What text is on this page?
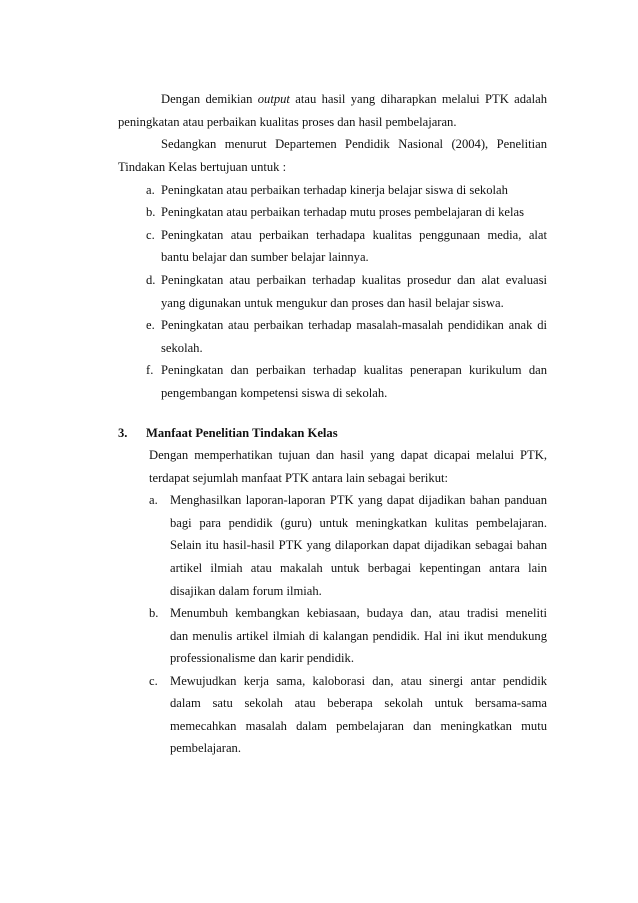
Dengan demikian output atau hasil yang diharapkan melalui PTK adalah
peningkatan atau perbaikan kualitas proses dan hasil pembelajaran.
Sedangkan menurut Departemen Pendidik Nasional (2004), Penelitian
Tindakan Kelas bertujuan untuk :
a. Peningkatan atau perbaikan terhadap kinerja belajar siswa di sekolah
b. Peningkatan atau perbaikan terhadap mutu proses pembelajaran di kelas
c. Peningkatan atau perbaikan terhadapa kualitas penggunaan media, alat
bantu belajar dan sumber belajar lainnya.
d. Peningkatan atau perbaikan terhadap kualitas prosedur dan alat evaluasi
yang digunakan untuk mengukur dan proses dan hasil belajar siswa.
e. Peningkatan atau perbaikan terhadap masalah-masalah pendidikan anak di
sekolah.
f. Peningkatan dan perbaikan terhadap kualitas penerapan kurikulum dan
pengembangan kompetensi siswa di sekolah.
3. Manfaat Penelitian Tindakan Kelas
Dengan memperhatikan tujuan dan hasil yang dapat dicapai melalui PTK,
terdapat sejumlah manfaat PTK antara lain sebagai berikut:
a. Menghasilkan laporan-laporan PTK yang dapat dijadikan bahan panduan
bagi para pendidik (guru) untuk meningkatkan kulitas pembelajaran.
Selain itu hasil-hasil PTK yang dilaporkan dapat dijadikan sebagai bahan
artikel ilmiah atau makalah untuk berbagai kepentingan antara lain
disajikan dalam forum ilmiah.
b. Menumbuh kembangkan kebiasaan, budaya dan, atau tradisi meneliti
dan menulis artikel ilmiah di kalangan pendidik. Hal ini ikut mendukung
professionalisme dan karir pendidik.
c. Mewujudkan kerja sama, kaloborasi dan, atau sinergi antar pendidik
dalam satu sekolah atau beberapa sekolah untuk bersama-sama
memecahkan masalah dalam pembelajaran dan meningkatkan mutu
pembelajaran.
